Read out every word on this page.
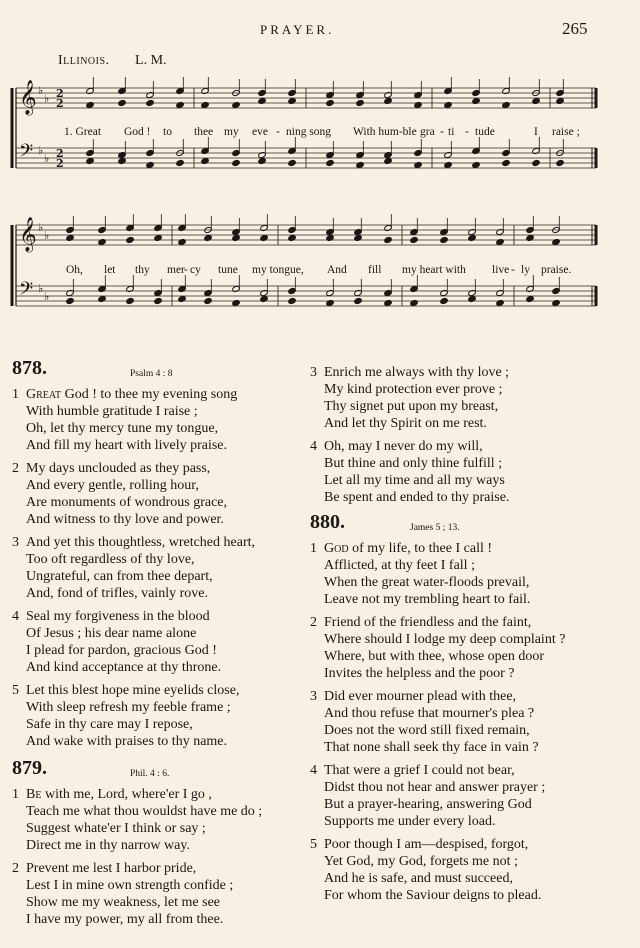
PRAYER.	265
Illinois. L. M.
𝄞 ♭
♭ 2
2
𝄢 ♭
♭ 2
2
𝄞 ♭
♭
𝄢 ♭
♭
1. Great God ! to thee my eve - ning song With hum-ble gra - ti - tude	I raise ;
Oh, let thy mer - cy tune my tongue, And fill my heart with live - ly praise.
878.	Psalm 4 : 8
1 Great God ! to thee my evening song
With humble gratitude I raise ;
Oh, let thy mercy tune my tongue,
And fill my heart with lively praise.
2 My days unclouded as they pass,
And every gentle, rolling hour,
Are monuments of wondrous grace,
And witness to thy love and power.
3 And yet this thoughtless, wretched heart,
Too oft regardless of thy love,
Ungrateful, can from thee depart,
And, fond of trifles, vainly rove.
4 Seal my forgiveness in the blood
Of Jesus ; his dear name alone
I plead for pardon, gracious God !
And kind acceptance at thy throne.
5 Let this blest hope mine eyelids close,
With sleep refresh my feeble frame ;
Safe in thy care may I repose,
And wake with praises to thy name.
879.	Phil. 4 : 6.
1 Be with me, Lord, where'er I go ,
Teach me what thou wouldst have me do ;
Suggest whate'er I think or say ;
Direct me in thy narrow way.
2 Prevent me lest I harbor pride,
Lest I in mine own strength confide ;
Show me my weakness, let me see
I have my power, my all from thee.
3 Enrich me always with thy love ;
My kind protection ever prove ;
Thy signet put upon my breast,
And let thy Spirit on me rest.
4 Oh, may I never do my will,
But thine and only thine fulfill ;
Let all my time and all my ways
Be spent and ended to thy praise.
880.	James 5 ; 13.
1 God of my life, to thee I call !
Afflicted, at thy feet I fall ;
When the great water-floods prevail,
Leave not my trembling heart to fail.
2 Friend of the friendless and the faint,
Where should I lodge my deep complaint ?
Where, but with thee, whose open door
Invites the helpless and the poor ?
3 Did ever mourner plead with thee,
And thou refuse that mourner's plea ?
Does not the word still fixed remain,
That none shall seek thy face in vain ?
4 That were a grief I could not bear,
Didst thou not hear and answer prayer ;
But a prayer-hearing, answering God
Supports me under every load.
5 Poor though I am—despised, forgot,
Yet God, my God, forgets me not ;
And he is safe, and must succeed,
For whom the Saviour deigns to plead.
